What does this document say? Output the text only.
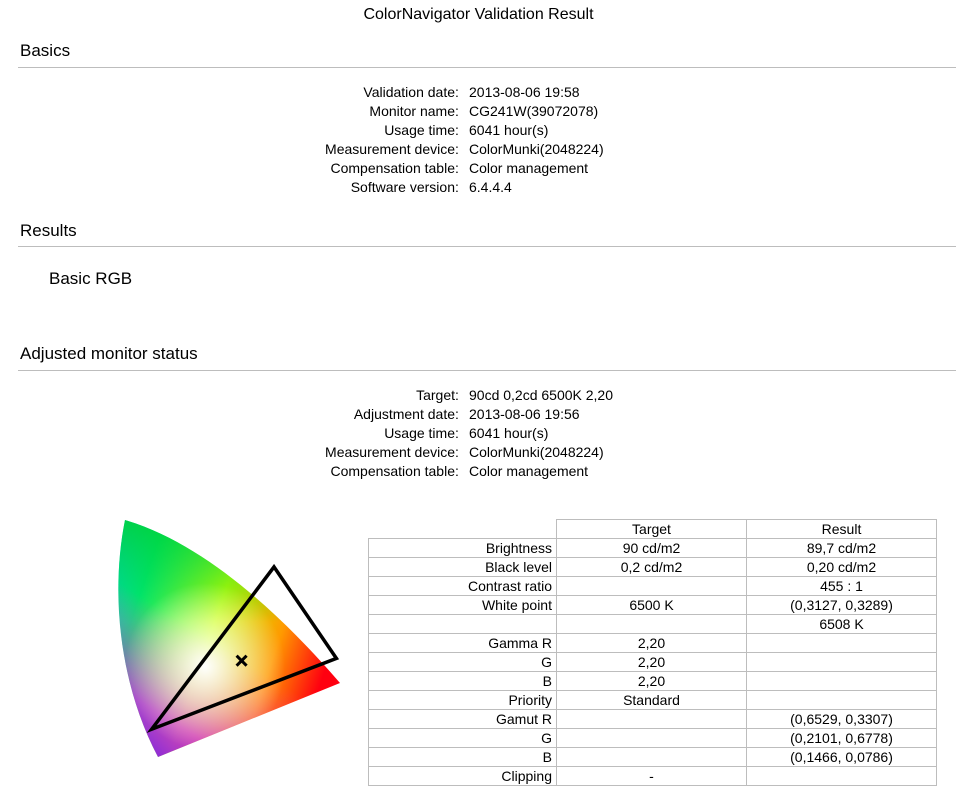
ColorNavigator Validation Result
Basics
Validation date : 2013-08-06 19:58
Monitor name : CG241W(39072078)
Usage time : 6041 hour(s)
Measurement device : ColorMunki(2048224)
Compensation table : Color management
Software version : 6.4.4.4
Results
Basic RGB
Adjusted monitor status
Target : 90cd 0,2cd 6500K 2,20
Adjustment date : 2013-08-06 19:56
Usage time : 6041 hour(s)
Measurement device : ColorMunki(2048224)
Compensation table : Color management
	Target	Result
Brightness	90 cd/m2	89,7 cd/m2
Black level	0,2 cd/m2	0,20 cd/m2
Contrast ratio		455 : 1
White point	6500 K	(0,3127, 0,3289)
		6508 K
Gamma R	2,20	
G	2,20	
B	2,20	
Priority	Standard	
Gamut R		(0,6529, 0,3307)
G		(0,2101, 0,6778)
B		(0,1466, 0,0786)
Clipping	-	
